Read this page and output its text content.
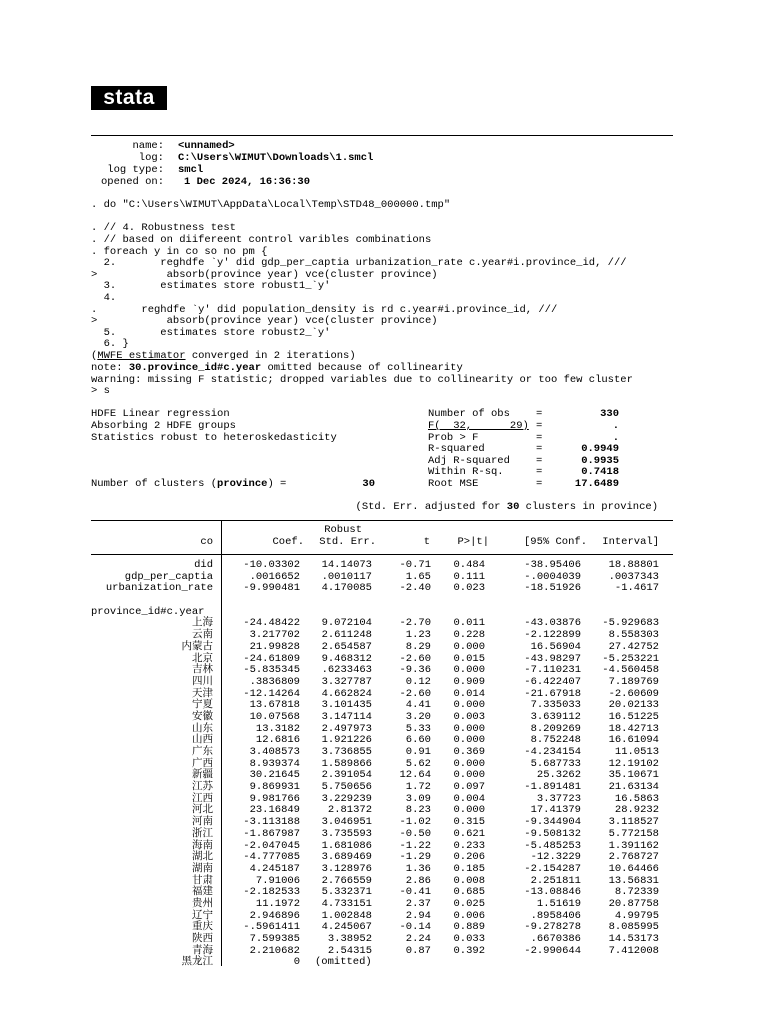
stata
name: <unnamed>
log: C:\Users\WIMUT\Downloads\1.smcl
log type: smcl
opened on: 1 Dec 2024, 16:36:30
. do "C:\Users\WIMUT\AppData\Local\Temp\STD48_000000.tmp"
. // 4. Robustness test
. // based on diifereent control varibles combinations
. foreach y in co so no pm {
2.       reghdfe `y' did gdp_per_captia urbanization_rate c.year#i.province_id, ///
>           absorb(province year) vce(cluster province)
3.       estimates store robust1_`y'
4.
.       reghdfe `y' did population_density is rd c.year#i.province_id, ///
>           absorb(province year) vce(cluster province)
5.       estimates store robust2_`y'
6. }
(MWFE estimator converged in 2 iterations)
note: 30.province_id#c.year omitted because of collinearity
warning: missing F statistic; dropped variables due to collinearity or too few cluster
> s
HDFE Linear regression
Absorbing 2 HDFE groups
Statistics robust to heteroskedasticity
Number of clusters (province) =	30
Number of obs =	330
F(  32,      29) =	.
Prob > F	=	.
R-squared	=	0.9949
Adj R-squared =	0.9935
Within R-sq.	=	0.7418
Root MSE	=	17.6489
(Std. Err. adjusted for 30 clusters in province)
Robust
co	Coef. Std. Err.	t	P>|t|	[95% Conf. Interval]
did	-10.03302 14.14073	-0.71 0.484	-38.95406	18.88801
gdp_per_captia	.0016652 .0010117	1.65 0.111	-.0004039	.0037343
urbanization_rate	-9.990481 4.170085	-2.40 0.023	-18.51926	-1.4617
province_id#c.year
上海	-24.48422 9.072104	-2.70 0.011	-43.03876 -5.929683
云南	3.217702 2.611248	1.23 0.228	-2.122899	8.558303
内蒙古	21.99828 2.654587	8.29 0.000	16.56904	27.42752
北京	-24.61809 9.468312	-2.60 0.015	-43.98297 -5.253221
吉林	-5.835345 .6233463	-9.36 0.000	-7.110231 -4.560458
四川	.3836809 3.327787	0.12 0.909	-6.422407	7.189769
天津	-12.14264 4.662824	-2.60 0.014	-21.67918	-2.60609
宁夏	13.67818 3.101435	4.41 0.000	7.335033	20.02133
安徽	10.07568 3.147114	3.20 0.003	3.639112	16.51225
山东	13.3182 2.497973	5.33 0.000	8.209269	18.42713
山西	12.6816 1.921226	6.60 0.000	8.752248	16.61094
广东	3.408573 3.736855	0.91 0.369	-4.234154	11.0513
广西	8.939374 1.589866	5.62 0.000	5.687733	12.19102
新疆	30.21645 2.391054	12.64 0.000	25.3262	35.10671
江苏	9.869931 5.750656	1.72 0.097	-1.891481	21.63134
江西	9.981766 3.229239	3.09 0.004	3.37723	16.5863
河北	23.16849	2.81372	8.23 0.000	17.41379	28.9232
河南	-3.113188 3.046951	-1.02 0.315	-9.344904	3.118527
浙江	-1.867987 3.735593	-0.50 0.621	-9.508132	5.772158
海南	-2.047045 1.681086	-1.22 0.233	-5.485253	1.391162
湖北	-4.777085 3.689469	-1.29 0.206	-12.3229	2.768727
湖南	4.245187 3.128976	1.36 0.185	-2.154287	10.64466
甘肃	7.91006 2.766559	2.86 0.008	2.251811	13.56831
福建	-2.182533 5.332371	-0.41 0.685	-13.08846	8.72339
贵州	11.1972 4.733151	2.37 0.025	1.51619	20.87758
辽宁	2.946896 1.002848	2.94 0.006	.8958406	4.99795
重庆	-.5961411 4.245067	-0.14 0.889	-9.278278	8.085995
陕西	7.599385	3.38952	2.24 0.033	.6670386	14.53173
青海	2.210682	2.54315	0.87 0.392	-2.990644	7.412008
黑龙江	0 (omitted)
